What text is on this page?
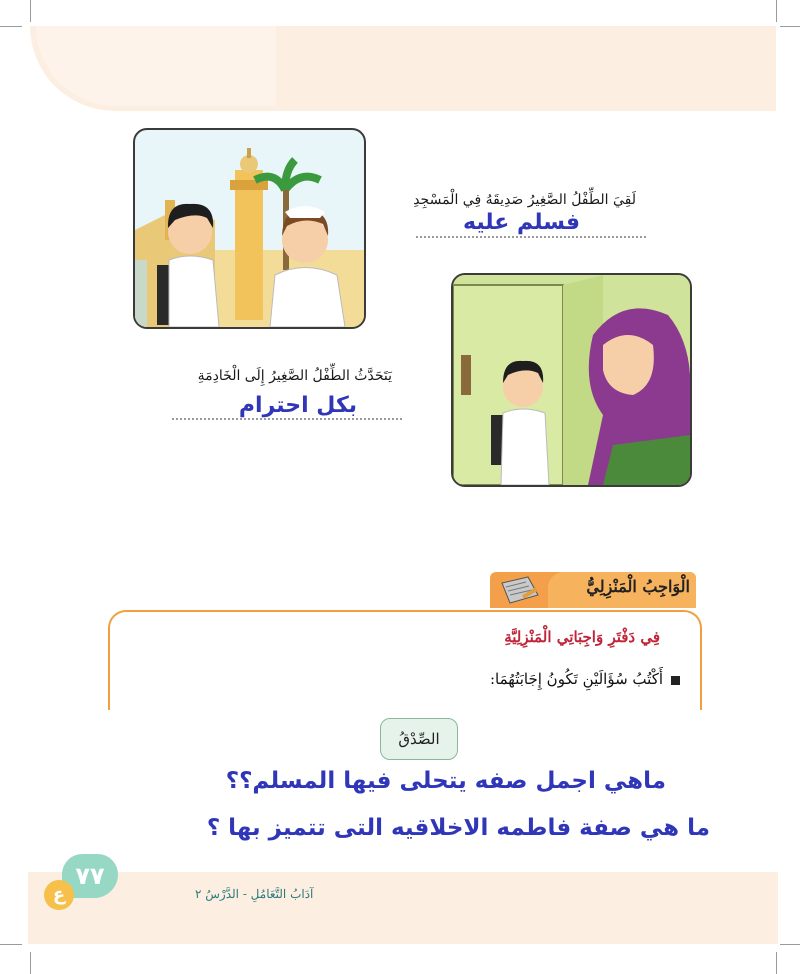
لَقِيَ الطِّفْلُ الصَّغِيرُ صَدِيقَهُ فِي الْمَسْجِدِ
فسلم عليه
يَتَحَدَّثُ الطِّفْلُ الصَّغِيرُ إِلَى الْخَادِمَةِ
بكل احترام
الْوَاجِبُ الْمَنْزِلِيُّ
فِي دَفْتَرِ وَاجِبَاتِي الْمَنْزِلِيَّةِ
أَكْتُبُ سُؤَالَيْنِ تَكُونُ إِجَابَتُهُمَا:
الصِّدْقُ
ماهي اجمل صفه يتحلى فيها المسلم؟؟
ما هي صفة فاطمه الاخلاقيه التى تتميز بها ؟
٧٧
ع	آدَابُ التَّعَامُلِ - الدَّرْسُ ٢
